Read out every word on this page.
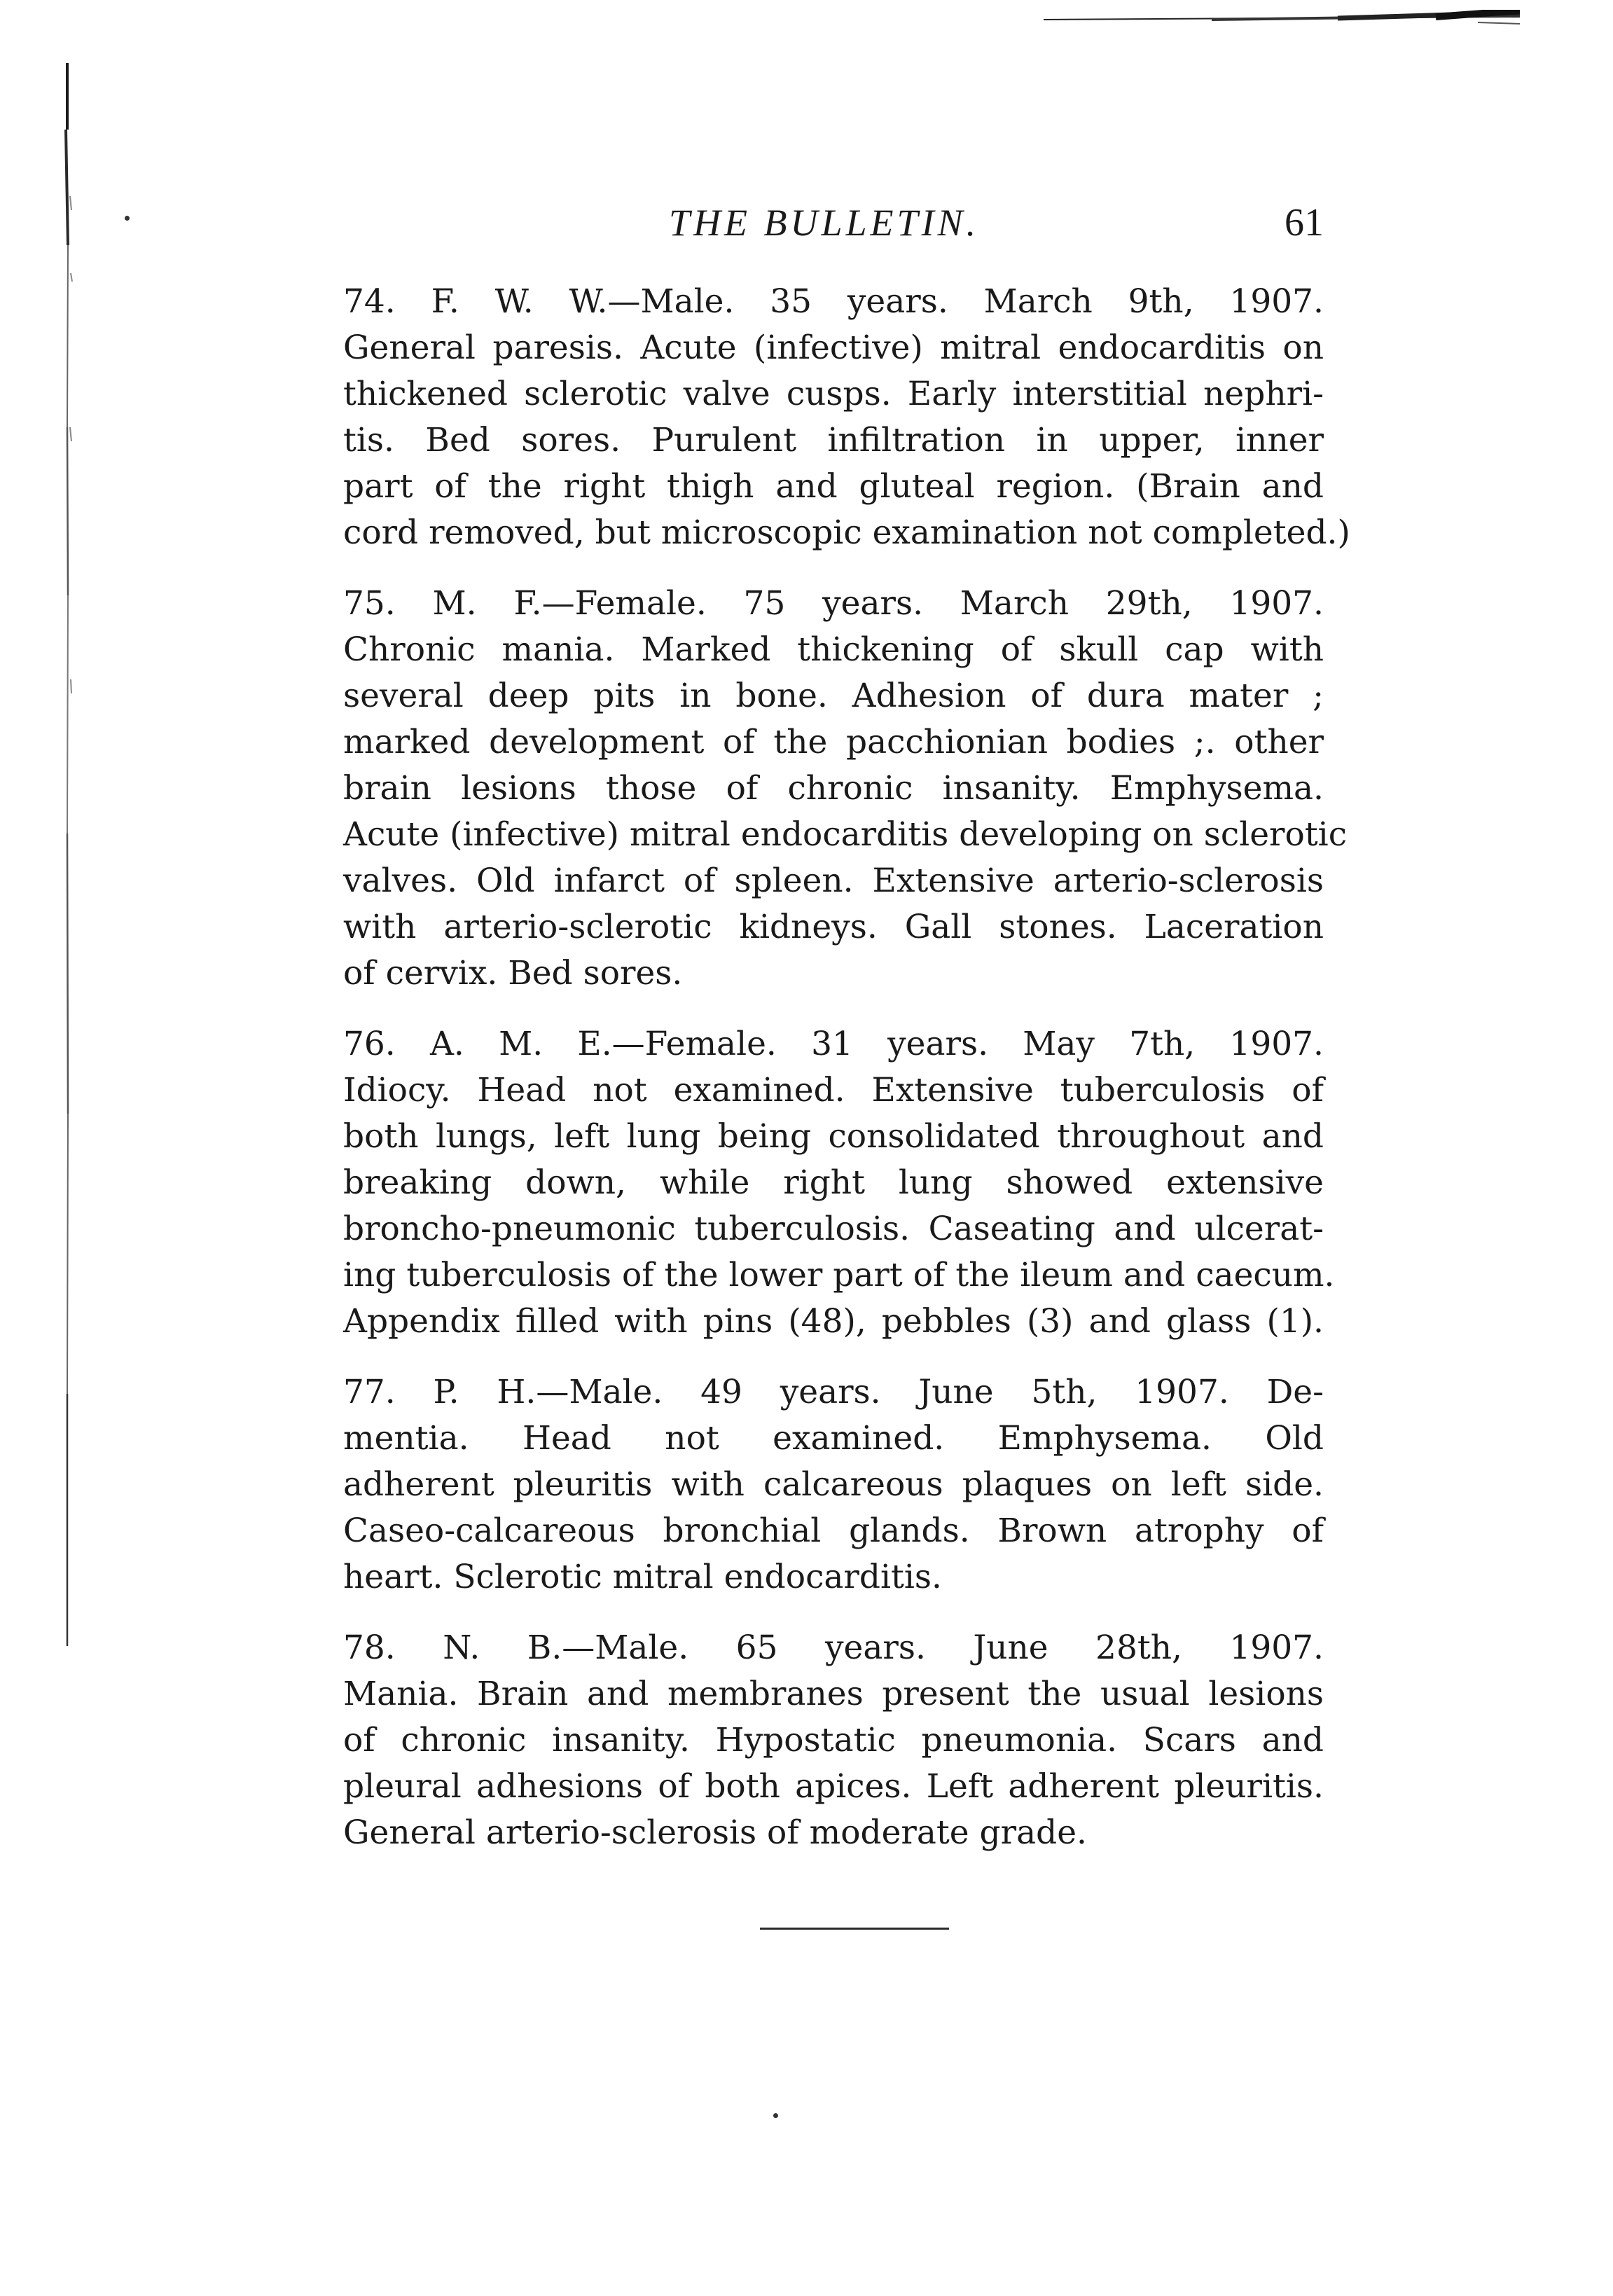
THE BULLETIN.	61
74. F. W. W.—Male. 35 years. March 9th, 1907.
General paresis. Acute (infective) mitral endocarditis on
thickened sclerotic valve cusps. Early interstitial nephri-
tis. Bed sores. Purulent infiltration in upper, inner
part of the right thigh and gluteal region. (Brain and
cord removed, but microscopic examination not completed.)
75. M. F.—Female. 75 years. March 29th, 1907.
Chronic mania. Marked thickening of skull cap with
several deep pits in bone. Adhesion of dura mater ;
marked development of the pacchionian bodies ;. other
brain lesions those of chronic insanity. Emphysema.
Acute (infective) mitral endocarditis developing on sclerotic
valves. Old infarct of spleen. Extensive arterio-sclerosis
with arterio-sclerotic kidneys. Gall stones. Laceration
of cervix. Bed sores.
76. A. M. E.—Female. 31 years. May 7th, 1907.
Idiocy. Head not examined. Extensive tuberculosis of
both lungs, left lung being consolidated throughout and
breaking down, while right lung showed extensive
broncho-pneumonic tuberculosis. Caseating and ulcerat-
ing tuberculosis of the lower part of the ileum and caecum.
Appendix filled with pins (48), pebbles (3) and glass (1).
77. P. H.—Male. 49 years. June 5th, 1907. De-
mentia. Head not examined. Emphysema. Old
adherent pleuritis with calcareous plaques on left side.
Caseo-calcareous bronchial glands. Brown atrophy of
heart. Sclerotic mitral endocarditis.
78. N. B.—Male. 65 years. June 28th, 1907.
Mania. Brain and membranes present the usual lesions
of chronic insanity. Hypostatic pneumonia. Scars and
pleural adhesions of both apices. Left adherent pleuritis.
General arterio-sclerosis of moderate grade.
